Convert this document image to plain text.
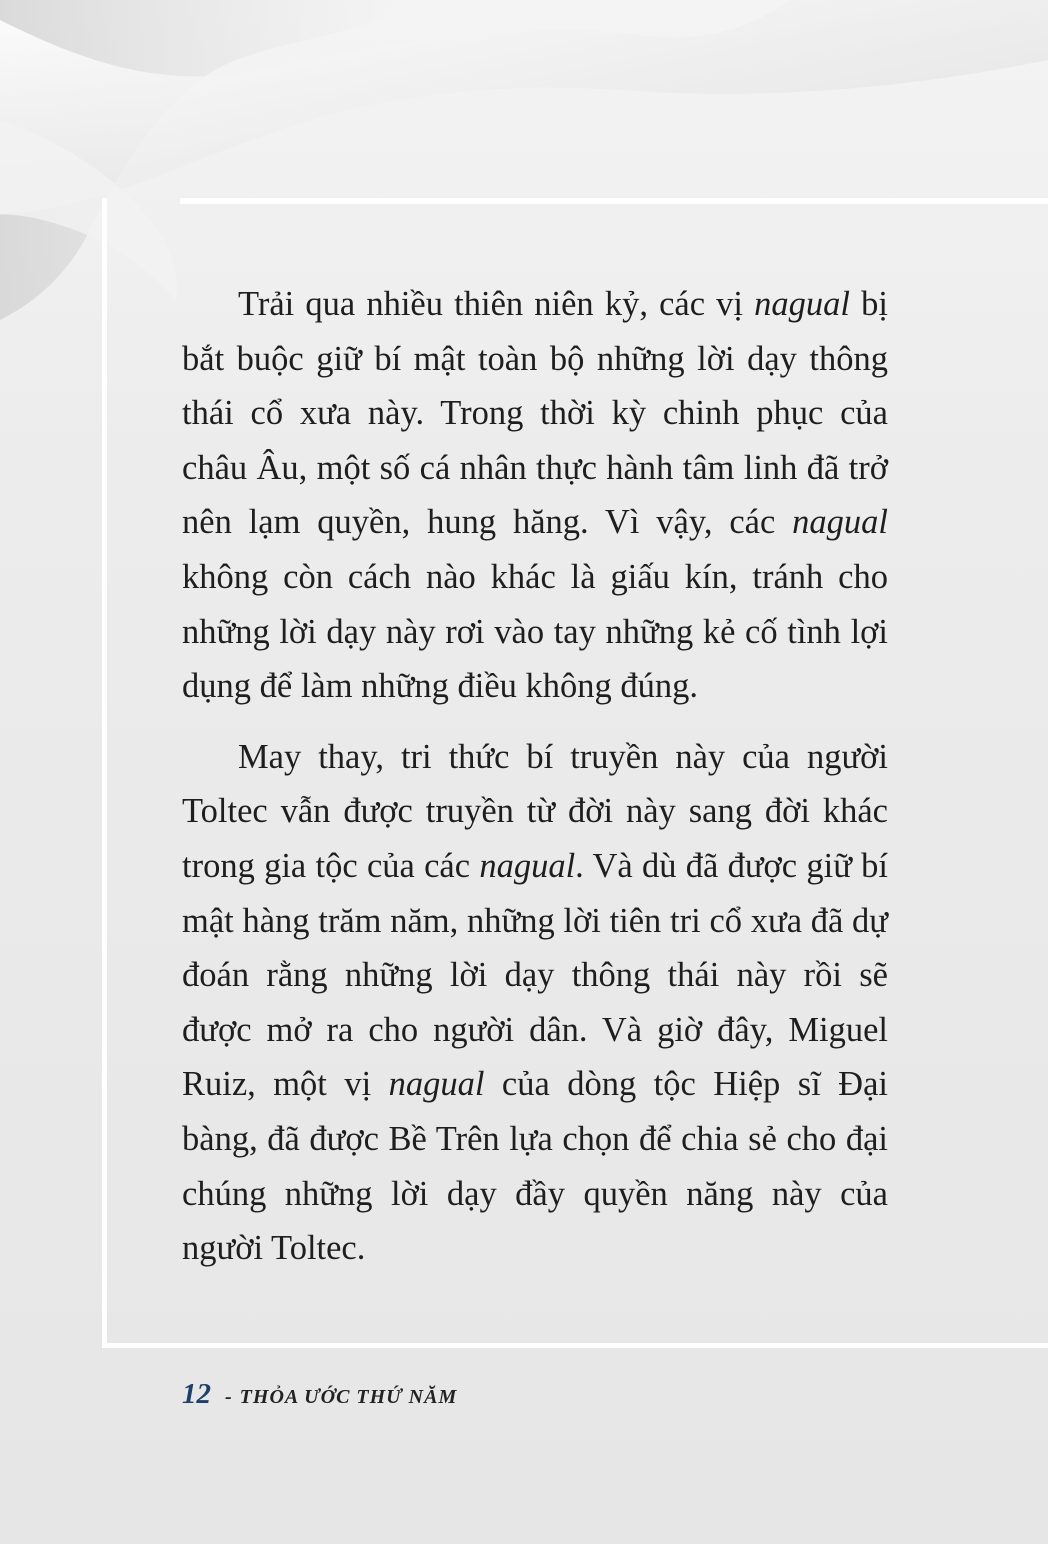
Trải qua nhiều thiên niên kỷ, các vị nagual bị bắt buộc giữ bí mật toàn bộ những lời dạy thông thái cổ xưa này. Trong thời kỳ chinh phục của châu Âu, một số cá nhân thực hành tâm linh đã trở nên lạm quyền, hung hăng. Vì vậy, các nagual không còn cách nào khác là giấu kín, tránh cho những lời dạy này rơi vào tay những kẻ cố tình lợi dụng để làm những điều không đúng.

May thay, tri thức bí truyền này của người Toltec vẫn được truyền từ đời này sang đời khác trong gia tộc của các nagual. Và dù đã được giữ bí mật hàng trăm năm, những lời tiên tri cổ xưa đã dự đoán rằng những lời dạy thông thái này rồi sẽ được mở ra cho người dân. Và giờ đây, Miguel Ruiz, một vị nagual của dòng tộc Hiệp sĩ Đại bàng, đã được Bề Trên lựa chọn để chia sẻ cho đại chúng những lời dạy đầy quyền năng này của người Toltec.

12 - THỎA ƯỚC THỨ NĂM
